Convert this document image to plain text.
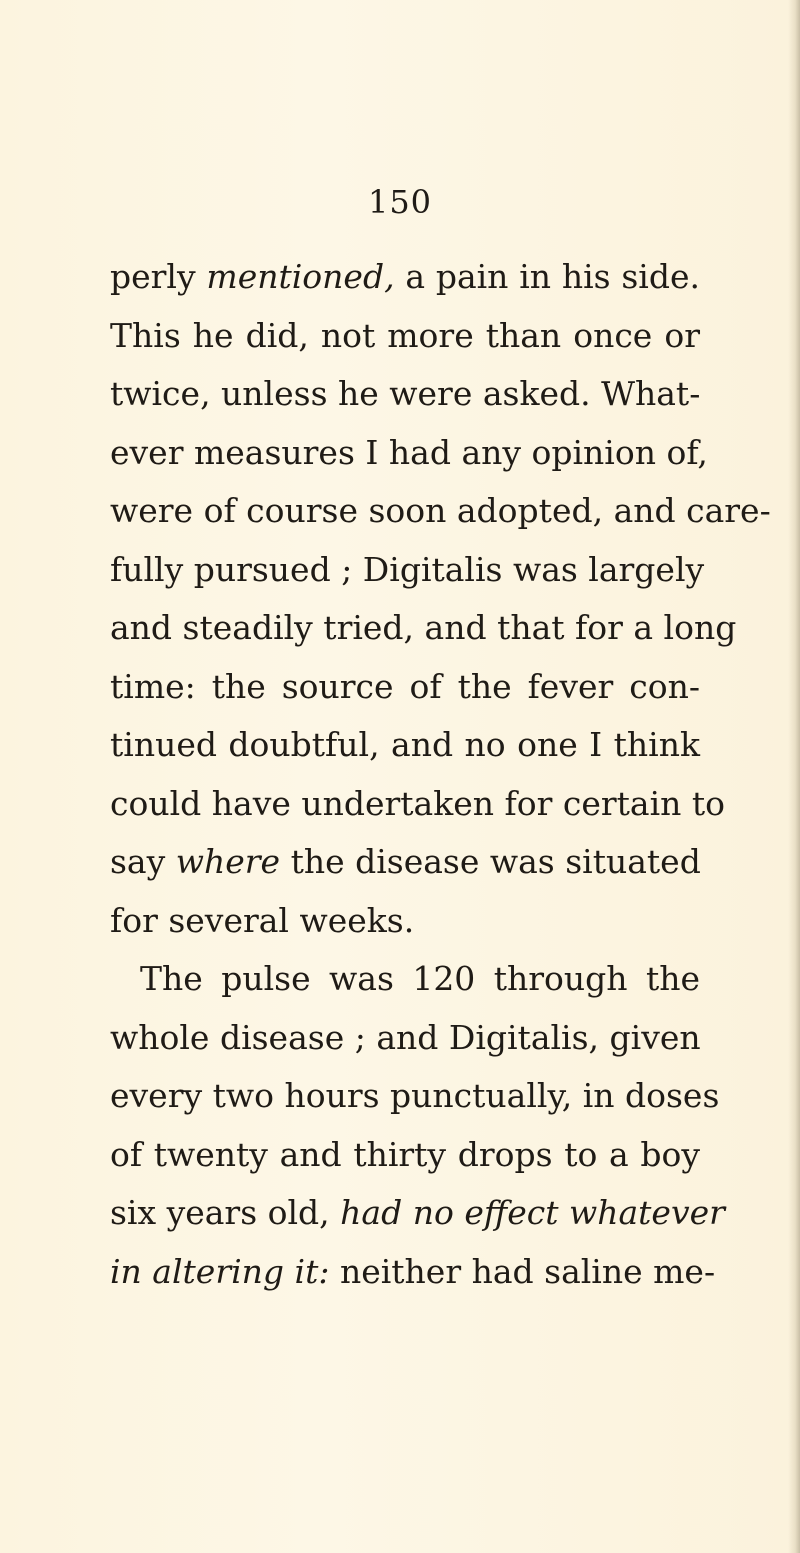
150
perly mentioned, a pain in his side.
This he did, not more than once or
twice, unless he were asked. What-
ever measures I had any opinion of,
were of course soon adopted, and care-
fully pursued ; Digitalis was largely
and steadily tried, and that for a long
time: the source of the fever con-
tinued doubtful, and no one I think
could have undertaken for certain to
say where the disease was situated
for several weeks.
The pulse was 120 through the
whole disease ; and Digitalis, given
every two hours punctually, in doses
of twenty and thirty drops to a boy
six years old, had no effect whatever
in altering it: neither had saline me-
